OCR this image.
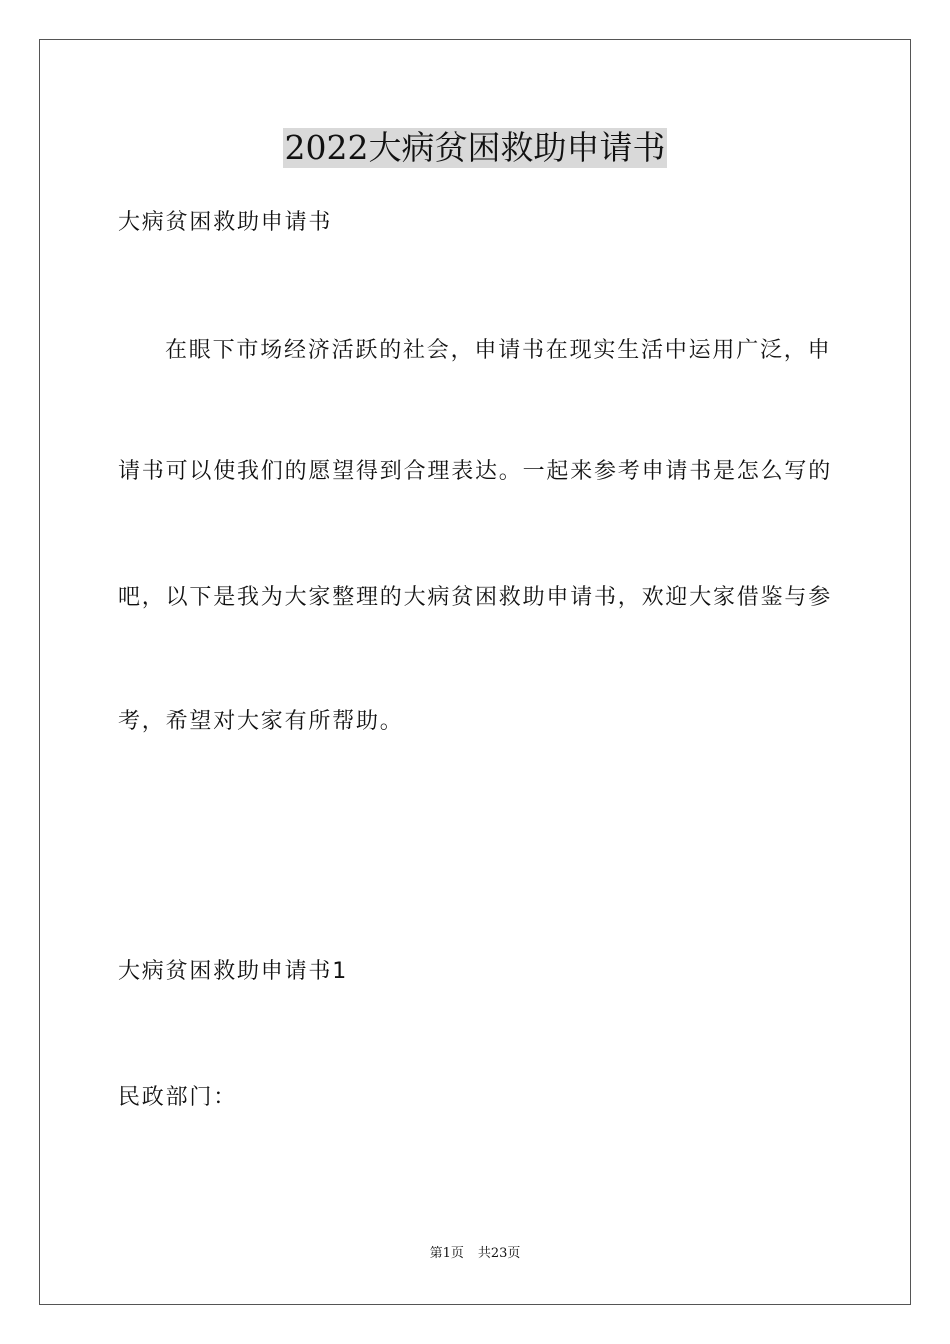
2022大病贫困救助申请书
大病贫困救助申请书
在眼下市场经济活跃的社会，申请书在现实生活中运用广泛，申
请书可以使我们的愿望得到合理表达。一起来参考申请书是怎么写的
吧，以下是我为大家整理的大病贫困救助申请书，欢迎大家借鉴与参
考，希望对大家有所帮助。
大病贫困救助申请书1
民政部门：
第1页 共23页
